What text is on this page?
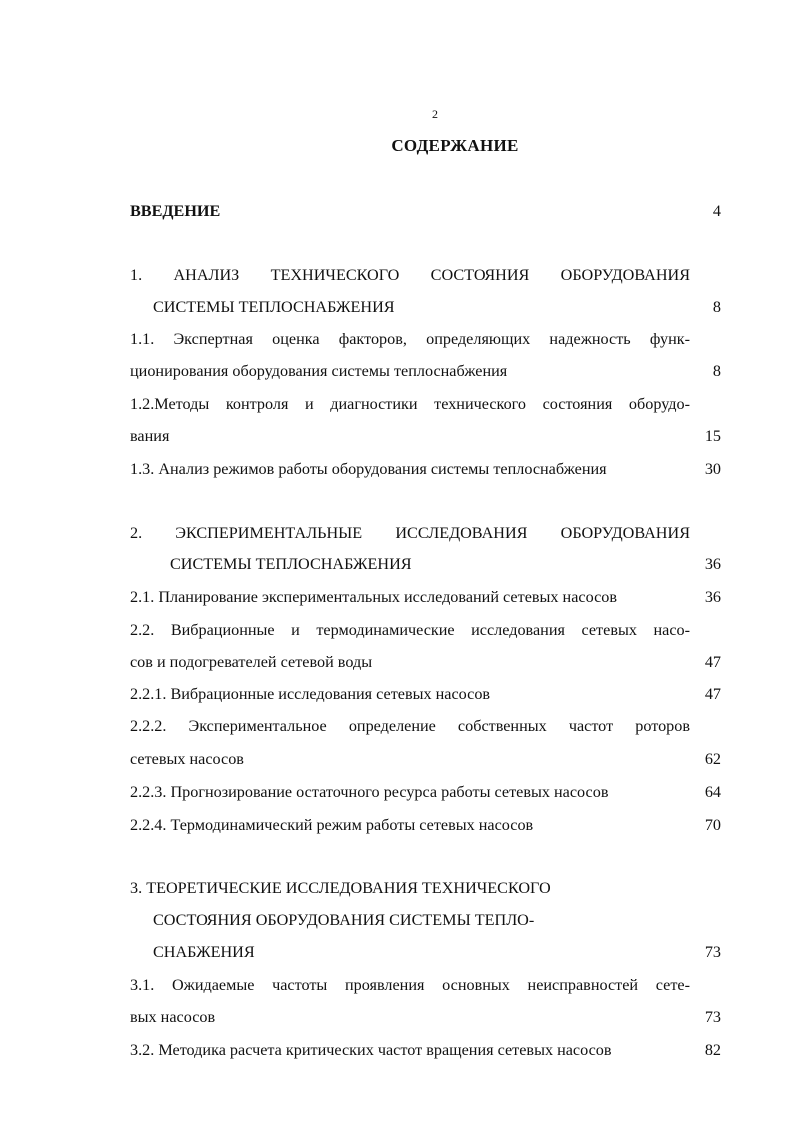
2
СОДЕРЖАНИЕ
ВВЕДЕНИЕ	4
1. АНАЛИЗ ТЕХНИЧЕСКОГО СОСТОЯНИЯ ОБОРУДОВАНИЯ
СИСТЕМЫ ТЕПЛОСНАБЖЕНИЯ	8
1.1. Экспертная оценка факторов, определяющих надежность функ-
ционирования оборудования системы теплоснабжения	8
1.2.Методы контроля и диагностики технического состояния оборудо-
вания	15
1.3. Анализ режимов работы оборудования системы теплоснабжения	30
2. ЭКСПЕРИМЕНТАЛЬНЫЕ ИССЛЕДОВАНИЯ ОБОРУДОВАНИЯ
СИСТЕМЫ ТЕПЛОСНАБЖЕНИЯ	36
2.1. Планирование экспериментальных исследований сетевых насосов	36
2.2. Вибрационные и термодинамические исследования сетевых насо-
сов и подогревателей сетевой воды	47
2.2.1. Вибрационные исследования сетевых насосов	47
2.2.2. Экспериментальное определение собственных частот роторов
сетевых насосов	62
2.2.3. Прогнозирование остаточного ресурса работы сетевых насосов	64
2.2.4. Термодинамический режим работы сетевых насосов	70
3. ТЕОРЕТИЧЕСКИЕ ИССЛЕДОВАНИЯ ТЕХНИЧЕСКОГО
СОСТОЯНИЯ ОБОРУДОВАНИЯ СИСТЕМЫ ТЕПЛО-
СНАБЖЕНИЯ	73
3.1. Ожидаемые частоты проявления основных неисправностей сете-
вых насосов	73
3.2. Методика расчета критических частот вращения сетевых насосов	82
